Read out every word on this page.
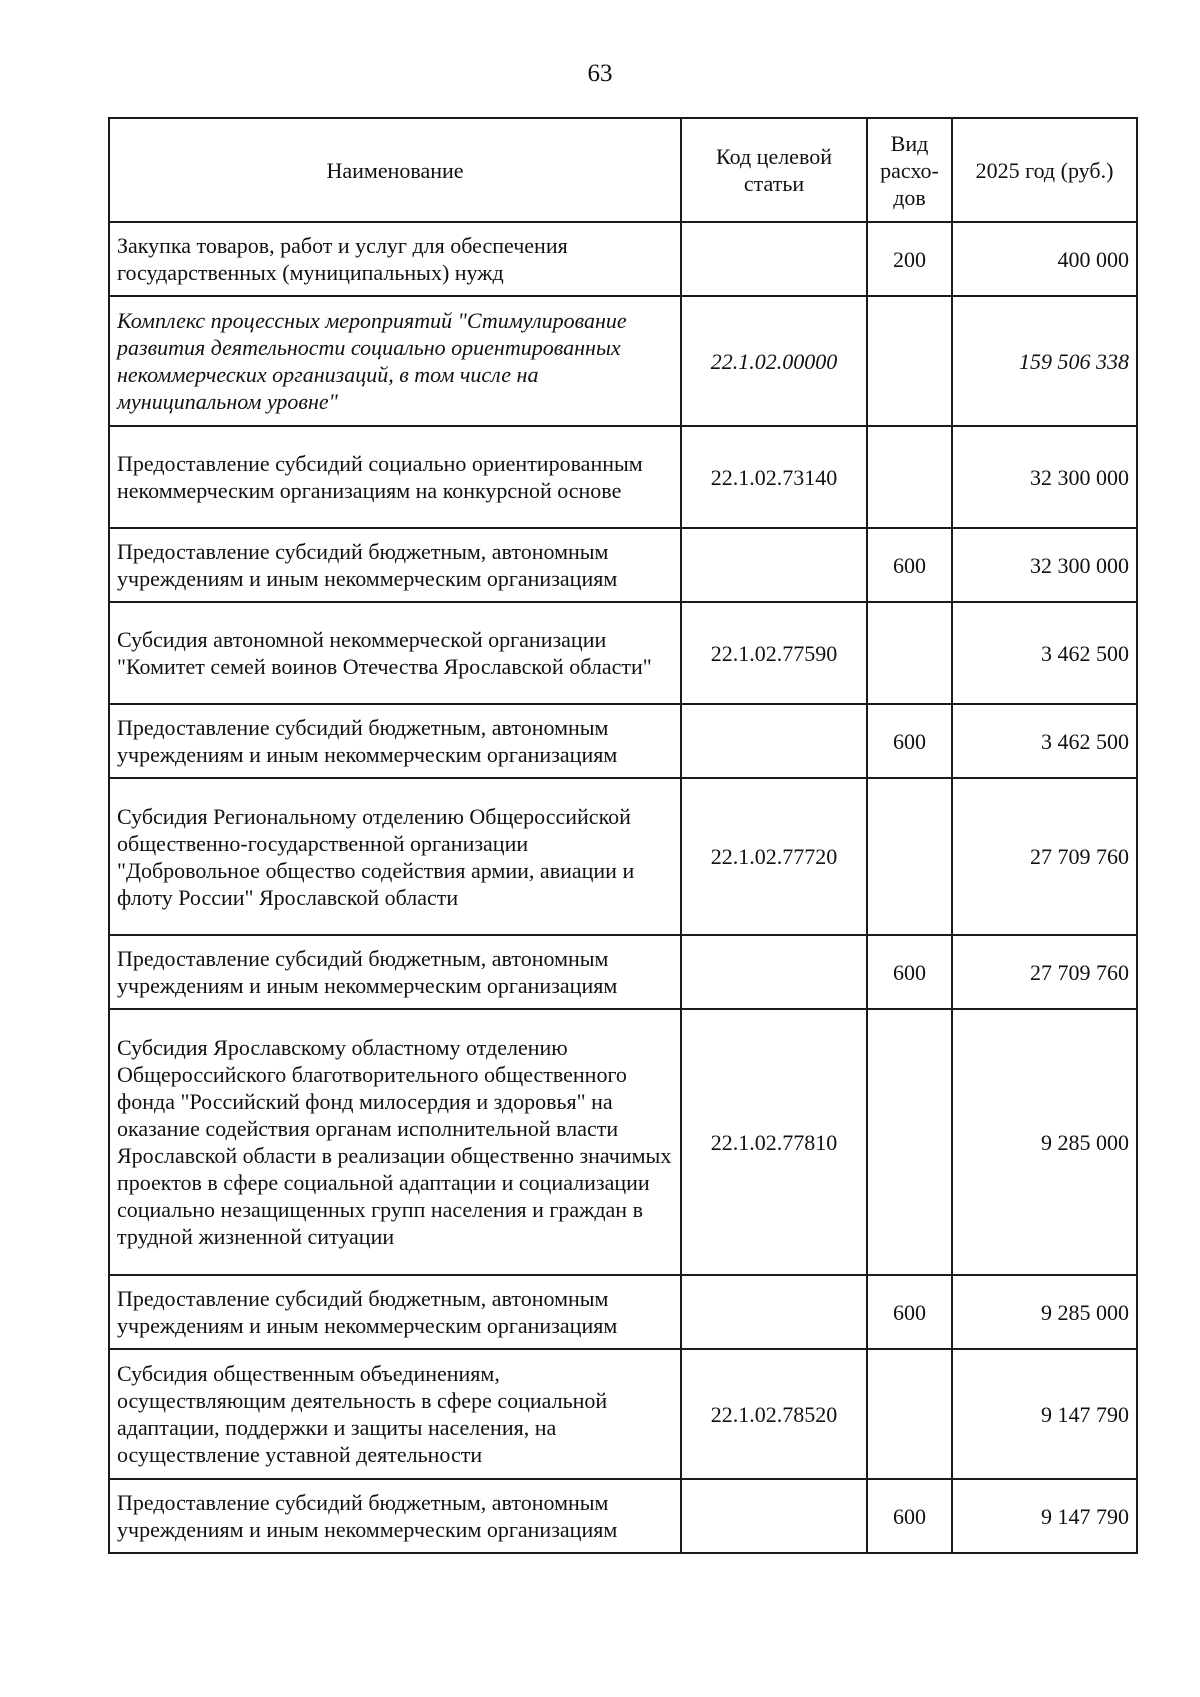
63
Наименование	Код целевой статьи	Вид расхо-дов	2025 год (руб.)
Закупка товаров, работ и услуг для обеспечения государственных (муниципальных) нужд		200	400 000
Комплекс процессных мероприятий "Стимулирование развития деятельности социально ориентированных некоммерческих организаций, в том числе на муниципальном уровне"	22.1.02.00000		159 506 338
Предоставление субсидий социально ориентированным некоммерческим организациям на конкурсной основе	22.1.02.73140		32 300 000
Предоставление субсидий бюджетным, автономным учреждениям и иным некоммерческим организациям		600	32 300 000
Субсидия автономной некоммерческой организации "Комитет семей воинов Отечества Ярославской области"	22.1.02.77590		3 462 500
Предоставление субсидий бюджетным, автономным учреждениям и иным некоммерческим организациям		600	3 462 500
Субсидия Региональному отделению Общероссийской общественно-государственной организации "Добровольное общество содействия армии, авиации и флоту России" Ярославской области	22.1.02.77720		27 709 760
Предоставление субсидий бюджетным, автономным учреждениям и иным некоммерческим организациям		600	27 709 760
Субсидия Ярославскому областному отделению Общероссийского благотворительного общественного фонда "Российский фонд милосердия и здоровья" на оказание содействия органам исполнительной власти Ярославской области в реализации общественно значимых проектов в сфере социальной адаптации и социализации социально незащищенных групп населения и граждан в трудной жизненной ситуации	22.1.02.77810		9 285 000
Предоставление субсидий бюджетным, автономным учреждениям и иным некоммерческим организациям		600	9 285 000
Субсидия общественным объединениям, осуществляющим деятельность в сфере социальной адаптации, поддержки и защиты населения, на осуществление уставной деятельности	22.1.02.78520		9 147 790
Предоставление субсидий бюджетным, автономным учреждениям и иным некоммерческим организациям		600	9 147 790
